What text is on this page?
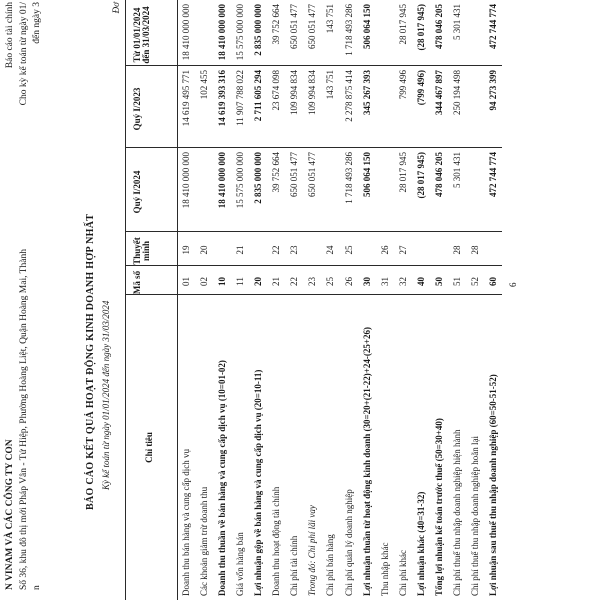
N VINAM VÀ CÁC CÔNG TY CON Số 36, khu đô thị mới Pháp Vân - Tứ Hiệp, Phường Hoàng Liệt, Quận Hoàng Mai, Thành n
Báo cáo tài chính Cho kỳ kế toán từ ngày 01/ đến ngày 3
BÁO CÁO KẾT QUẢ HOẠT ĐỘNG KINH DOANH HỢP NHẤT Kỳ kế toán từ ngày 01/01/2024 đến ngày 31/03/2024
Đơ
Chỉ tiêu
Mã số
Thuyết minh
Quý I/2024
Quý I/2023
Từ 01/01/2024 đến 31/03/2024
Doanh thu bán hàng và cung cấp dịch vụ
01
19
18 410 000 000
14 619 495 771
18 410 000 000
Các khoản giảm trừ doanh thu
02
20
102 455
Doanh thu thuần về bán hàng và cung cấp dịch vụ (10=01-02)
10
18 410 000 000
14 619 393 316
18 410 000 000
Giá vốn hàng bán
11
21
15 575 000 000
11 907 788 022
15 575 000 000
Lợi nhuận gộp về bán hàng và cung cấp dịch vụ (20=10-11)
20
2 835 000 000
2 711 605 294
2 835 000 000
Doanh thu hoạt động tài chính
21
22
39 752 664
23 674 098
39 752 664
Chi phí tài chính
22
23
650 051 477
109 994 834
650 051 477
Trong đó: Chi phí lãi vay
23
650 051 477
109 994 834
650 051 477
Chi phí bán hàng
25
24
143 751
143 751
Chi phí quản lý doanh nghiệp
26
25
1 718 493 286
2 278 875 414
1 718 493 286
Lợi nhuận thuần từ hoạt động kinh doanh (30=20+(21-22)+24-(25+26)
30
506 064 150
345 267 393
506 064 150
Thu nhập khác
31
26
Chi phí khác
32
27
28 017 945
799 496
28 017 945
Lợi nhuận khác (40=31-32)
40
(28 017 945)
(799 496)
(28 017 945)
Tổng lợi nhuận kế toán trước thuế (50=30+40)
50
478 046 205
344 467 897
478 046 205
Chi phí thuế thu nhập doanh nghiệp hiện hành
51
28
5 301 431
250 194 498
5 301 431
Chi phí thuế thu nhập doanh nghiệp hoãn lại
52
28
Lợi nhuận sau thuế thu nhập doanh nghiệp (60=50-51-52)
60
472 744 774
94 273 399
472 744 774
6
